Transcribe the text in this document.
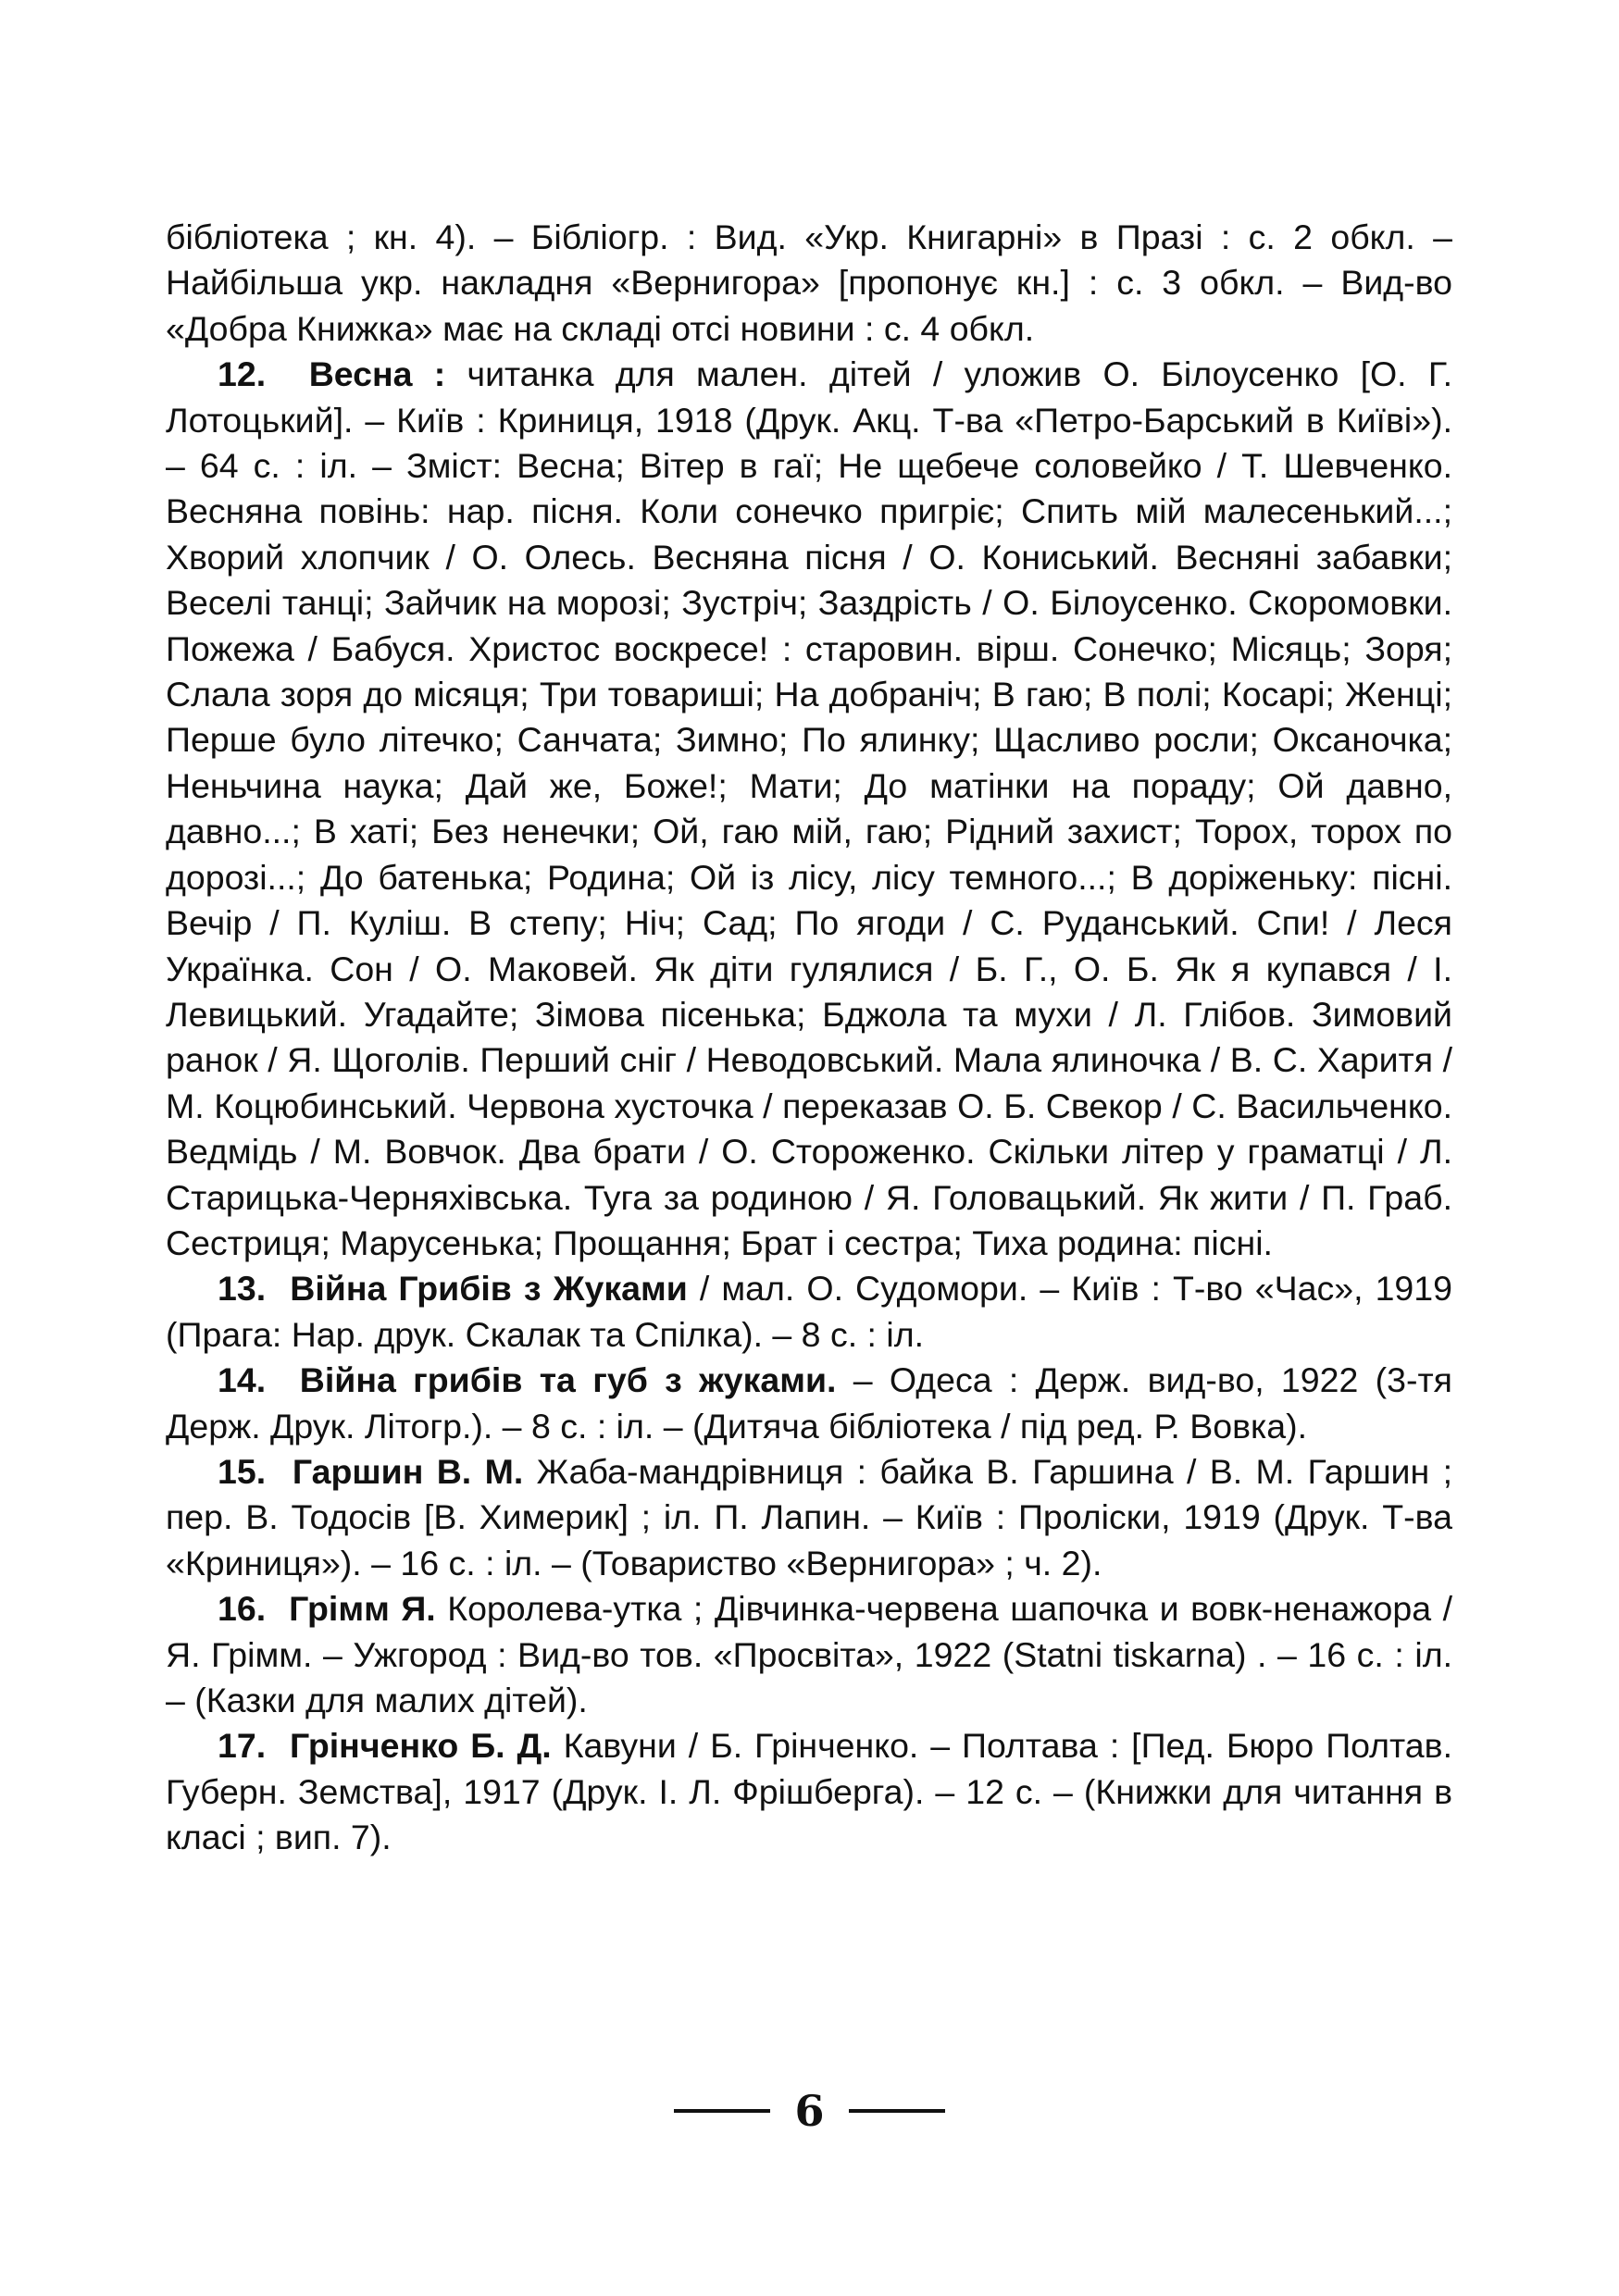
бібліотека ; кн. 4). – Бібліогр. : Вид. «Укр. Книгарні» в Празі : с. 2 обкл. – Найбільша укр. накладня «Вернигора» [пропонує кн.] : с. 3 обкл. – Вид-во «Добра Книжка» має на складі отсі новини : с. 4 обкл.

12. Весна : читанка для мален. дітей / уложив О. Білоусенко [О. Г. Лотоцький]. – Київ : Криниця, 1918 (Друк. Акц. Т-ва «Петро-Барський в Київі»). – 64 с. : іл. – Зміст: Весна; Вітер в гаї; Не щебече соловейко / Т. Шевченко. Весняна повінь: нар. пісня. Коли сонечко пригріє; Спить мій малесенький...; Хворий хлопчик / О. Олесь. Весняна пісня / О. Кониський. Весняні забавки; Веселі танці; Зайчик на морозі; Зустріч; Заздрість / О. Білоусенко. Скоромовки. Пожежа / Бабуся. Христос воскресе! : старовин. вірш. Сонечко; Місяць; Зоря; Слала зоря до місяця; Три товариші; На добраніч; В гаю; В полі; Косарі; Женці; Перше було літечко; Санчата; Зимно; По ялинку; Щасливо росли; Оксаночка; Неньчина наука; Дай же, Боже!; Мати; До матінки на пораду; Ой давно, давно...; В хаті; Без ненечки; Ой, гаю мій, гаю; Рідний захист; Торох, торох по дорозі...; До батенька; Родина; Ой із лісу, лісу темного...; В доріженьку: пісні. Вечір / П. Куліш. В степу; Ніч; Сад; По ягоди / С. Руданський. Спи! / Леся Українка. Сон / О. Маковей. Як діти гулялися / Б. Г., О. Б. Як я купався / І. Левицький. Угадайте; Зімова пісенька; Бджола та мухи / Л. Глібов. Зимовий ранок / Я. Щоголів. Перший сніг / Неводовський. Мала ялиночка / В. С. Харитя / М. Коцюбинський. Червона хусточка / переказав О. Б. Свекор / С. Васильченко. Ведмідь / М. Вовчок. Два брати / О. Стороженко. Скільки літер у граматці / Л. Старицька-Черняхівська. Туга за родиною / Я. Головацький. Як жити / П. Граб. Сестриця; Марусенька; Прощання; Брат і сестра; Тиха родина: пісні.

13. Війна Грибів з Жуками / мал. О. Судомори. – Київ : Т-во «Час», 1919 (Прага: Нар. друк. Скалак та Спілка). – 8 с. : іл.

14. Війна грибів та губ з жуками. – Одеса : Держ. вид-во, 1922 (3-тя Держ. Друк. Літогр.). – 8 с. : іл. – (Дитяча бібліотека / під ред. Р. Вовка).

15. Гаршин В. М. Жаба-мандрівниця : байка В. Гаршина / В. М. Гаршин ; пер. В. Тодосів [В. Химерик] ; іл. П. Лапин. – Київ : Проліски, 1919 (Друк. Т-ва «Криниця»). – 16 с. : іл. – (Товариство «Вернигора» ; ч. 2).

16. Грімм Я. Королева-утка ; Дівчинка-червена шапочка и вовк-ненажора / Я. Грімм. – Ужгород : Вид-во тов. «Просвіта», 1922 (Statni tiskarna) . – 16 с. : іл. – (Казки для малих дітей).

17. Грінченко Б. Д. Кавуни / Б. Грінченко. – Полтава : [Пед. Бюро Полтав. Губерн. Земства], 1917 (Друк. І. Л. Фрішберга). – 12 с. – (Книжки для читання в класі ; вип. 7).

6
